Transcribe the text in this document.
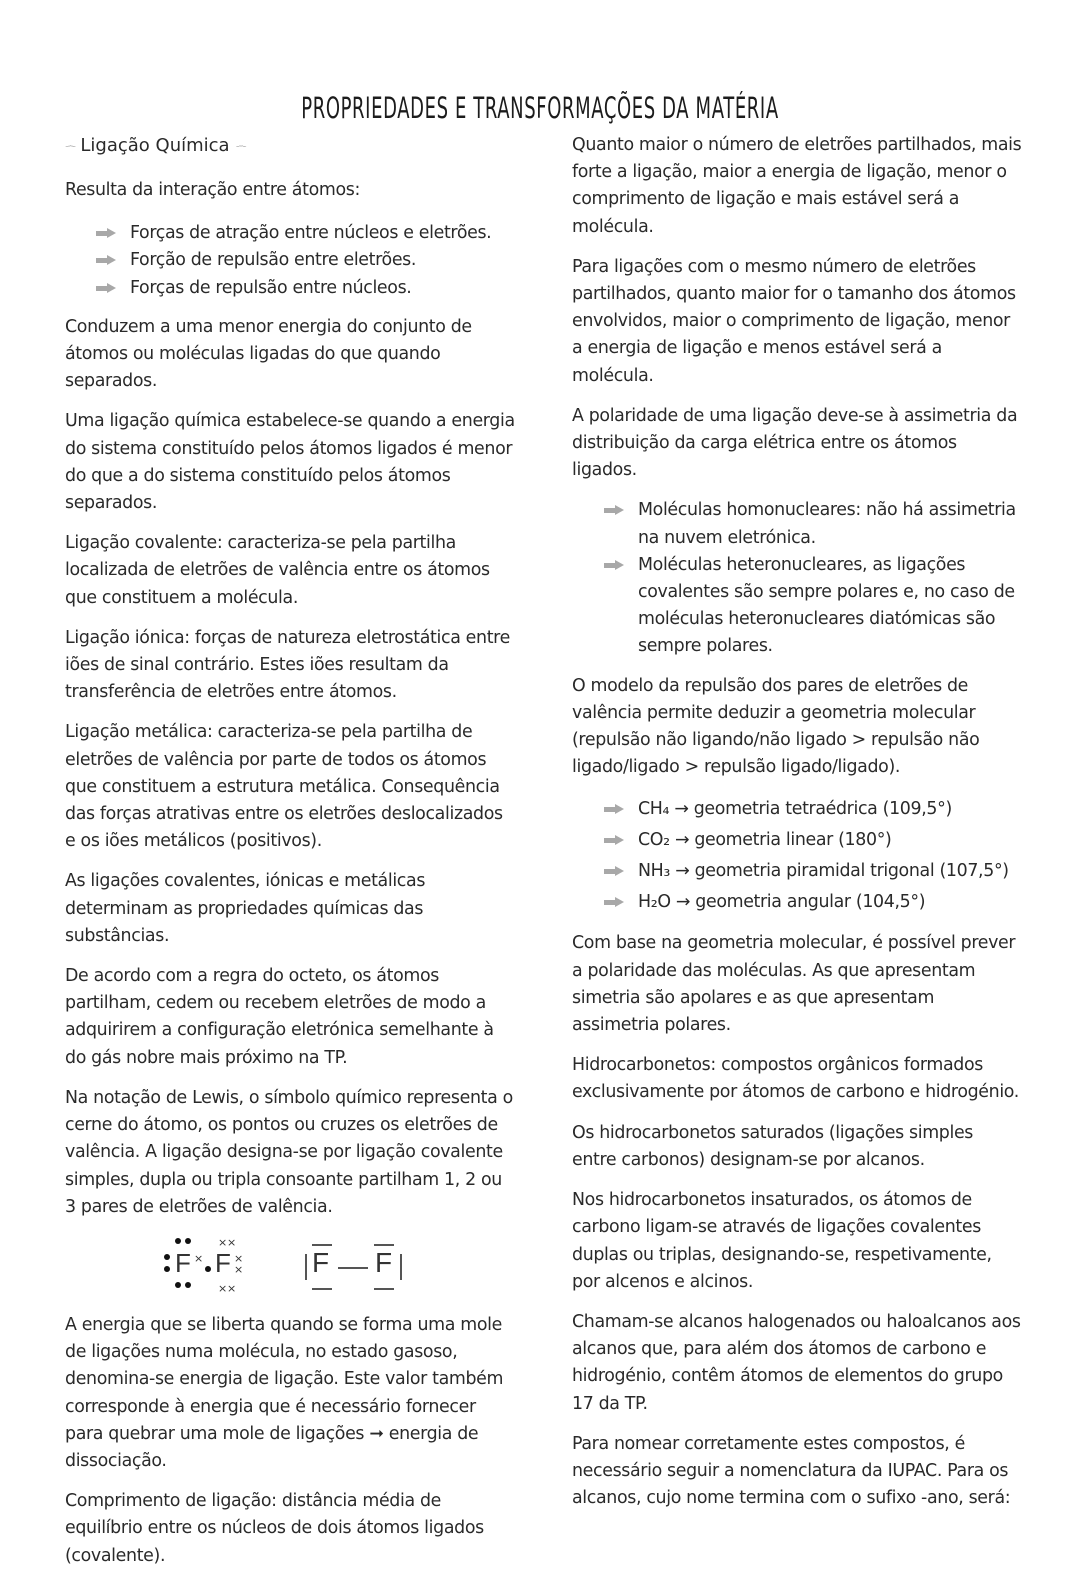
PROPRIEDADES E TRANSFORMAÇÕES DA MATÉRIA
෴ Ligação Química ෴

Resulta da interação entre átomos:

Forças de atração entre núcleos e eletrões.
Forção de repulsão entre eletrões.
Forças de repulsão entre núcleos.

Conduzem a uma menor energia do conjunto de átomos ou moléculas ligadas do que quando separados.

Uma ligação química estabelece-se quando a energia do sistema constituído pelos átomos ligados é menor do que a do sistema constituído pelos átomos separados.

Ligação covalente: caracteriza-se pela partilha localizada de eletrões de valência entre os átomos que constituem a molécula.

Ligação iónica: forças de natureza eletrostática entre iões de sinal contrário. Estes iões resultam da transferência de eletrões entre átomos.

Ligação metálica: caracteriza-se pela partilha de eletrões de valência por parte de todos os átomos que constituem a estrutura metálica. Consequência das forças atrativas entre os eletrões deslocalizados e os iões metálicos (positivos).

As ligações covalentes, iónicas e metálicas determinam as propriedades químicas das substâncias.

De acordo com a regra do octeto, os átomos partilham, cedem ou recebem eletrões de modo a adquirirem a configuração eletrónica semelhante à do gás nobre mais próximo na TP.

Na notação de Lewis, o símbolo químico representa o cerne do átomo, os pontos ou cruzes os eletrões de valência. A ligação designa-se por ligação covalente simples, dupla ou tripla consoante partilham 1, 2 ou 3 pares de eletrões de valência.

F × F
× ×
× ×
×
× F F

A energia que se liberta quando se forma uma mole de ligações numa molécula, no estado gasoso, denomina-se energia de ligação. Este valor também corresponde à energia que é necessário fornecer para quebrar uma mole de ligações ➞ energia de dissociação.

Comprimento de ligação: distância média de equilíbrio entre os núcleos de dois átomos ligados (covalente).

Quanto maior o número de eletrões partilhados, mais forte a ligação, maior a energia de ligação, menor o comprimento de ligação e mais estável será a molécula.

Para ligações com o mesmo número de eletrões partilhados, quanto maior for o tamanho dos átomos envolvidos, maior o comprimento de ligação, menor a energia de ligação e menos estável será a molécula.

A polaridade de uma ligação deve-se à assimetria da distribuição da carga elétrica entre os átomos ligados.

Moléculas homonucleares: não há assimetria na nuvem eletrónica.
Moléculas heteronucleares, as ligações covalentes são sempre polares e, no caso de moléculas heteronucleares diatómicas são sempre polares.

O modelo da repulsão dos pares de eletrões de valência permite deduzir a geometria molecular (repulsão não ligando/não ligado > repulsão não ligado/ligado > repulsão ligado/ligado).

CH₄ → geometria tetraédrica (109,5°)
CO₂ → geometria linear (180°)
NH₃ → geometria piramidal trigonal (107,5°)
H₂O → geometria angular (104,5°)

Com base na geometria molecular, é possível prever a polaridade das moléculas. As que apresentam simetria são apolares e as que apresentam assimetria polares.

Hidrocarbonetos: compostos orgânicos formados exclusivamente por átomos de carbono e hidrogénio.

Os hidrocarbonetos saturados (ligações simples entre carbonos) designam-se por alcanos.

Nos hidrocarbonetos insaturados, os átomos de carbono ligam-se através de ligações covalentes duplas ou triplas, designando-se, respetivamente, por alcenos e alcinos.

Chamam-se alcanos halogenados ou haloalcanos aos alcanos que, para além dos átomos de carbono e hidrogénio, contêm átomos de elementos do grupo 17 da TP.

Para nomear corretamente estes compostos, é necessário seguir a nomenclatura da IUPAC. Para os alcanos, cujo nome termina com o sufixo -ano, será:
